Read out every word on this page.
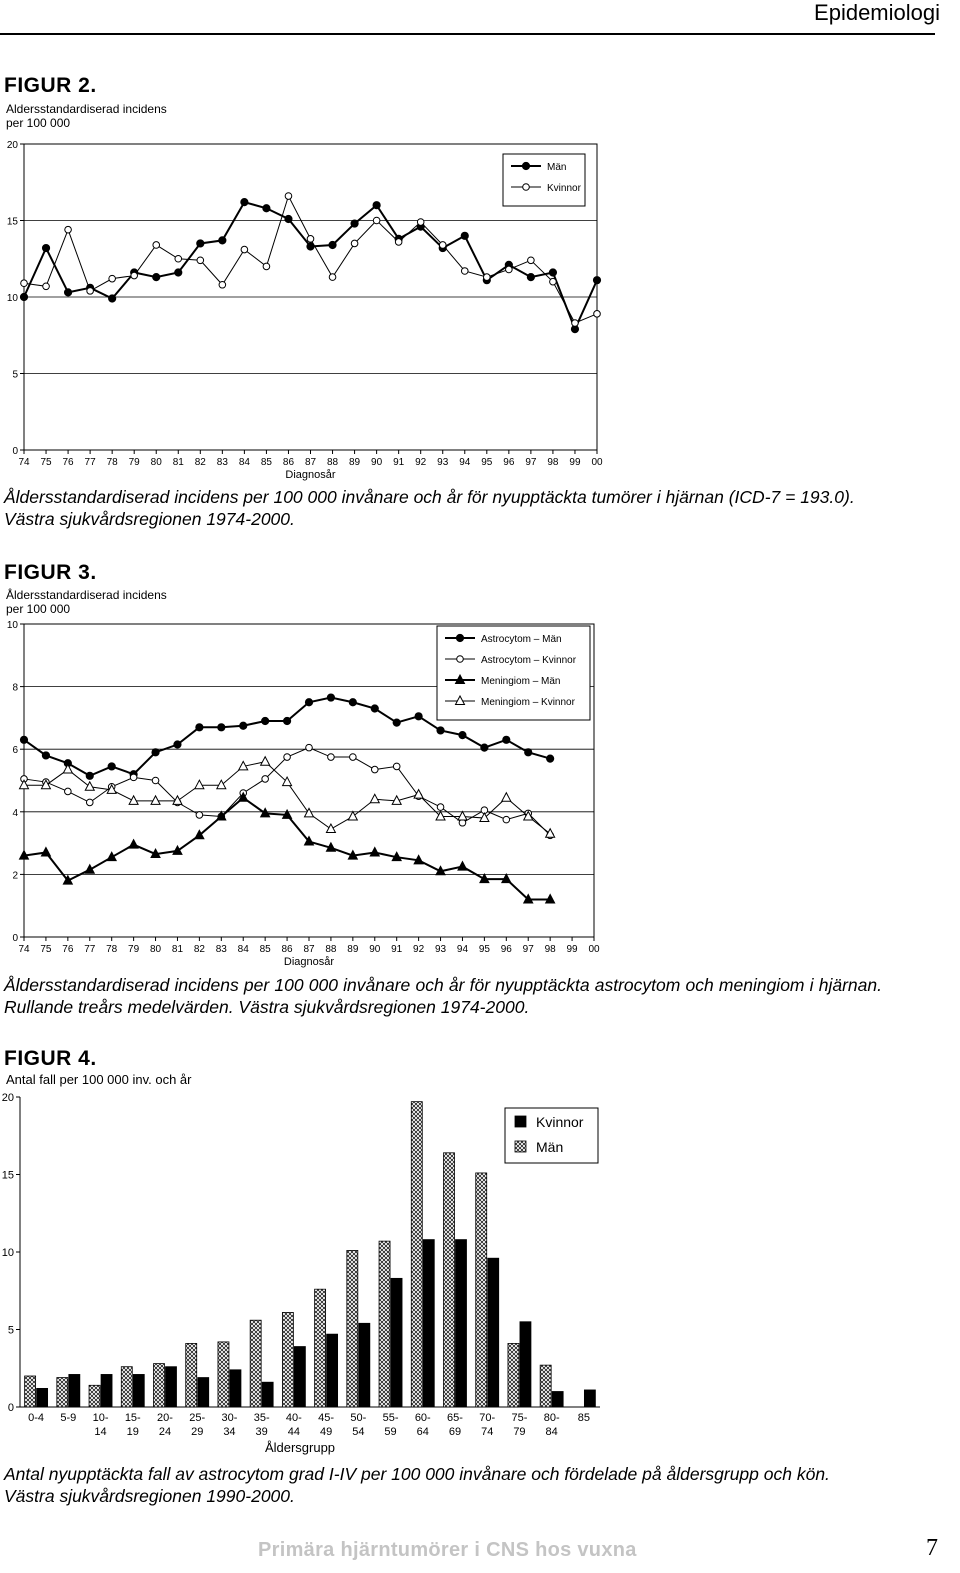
Epidemiologi
FIGUR 2.
Aldersstandardiserad incidens
per 100 000
0
5
10
15
20
74 75 76 77 78 79 80 81 82 83 84 85 86 87 88 89 90 91 92 93 94 95 96 97 98 99 00
Diagnosår
Män
Kvinnor
Åldersstandardiserad incidens per 100 000 invånare och år för nyupptäckta tumörer i hjärnan (ICD-7 = 193.0). Västra sjukvårdsregionen 1974-2000.
FIGUR 3.
Åldersstandardiserad incidens
per 100 000
0
2
4
6
8
10
74 75 76 77 78 79 80 81 82 83 84 85 86 87 88 89 90 91 92 93 94 95 96 97 98 99 00
Diagnosår
Astrocytom – Män
Astrocytom – Kvinnor
Meningiom – Män
Meningiom – Kvinnor
Åldersstandardiserad incidens per 100 000 invånare och år för nyupptäckta astrocytom och meningiom i hjärnan. Rullande treårs medelvärden. Västra sjukvårdsregionen 1974-2000.
FIGUR 4.
Antal fall per 100 000 inv. och år
0
5
10
15
20
0-4 5-9 10-
14
15-
19
20-
24
25-
29
30-
34
35-
39
40-
44
45-
49
50-
54
55-
59
60-
64
65-
69
70-
74
75-
79
80-
84
85
Åldersgrupp
Kvinnor
Män
Antal nyupptäckta fall av astrocytom grad I-IV per 100 000 invånare och fördelade på åldersgrupp och kön. Västra sjukvårdsregionen 1990-2000.
Primära hjärntumörer i CNS hos vuxna	7
